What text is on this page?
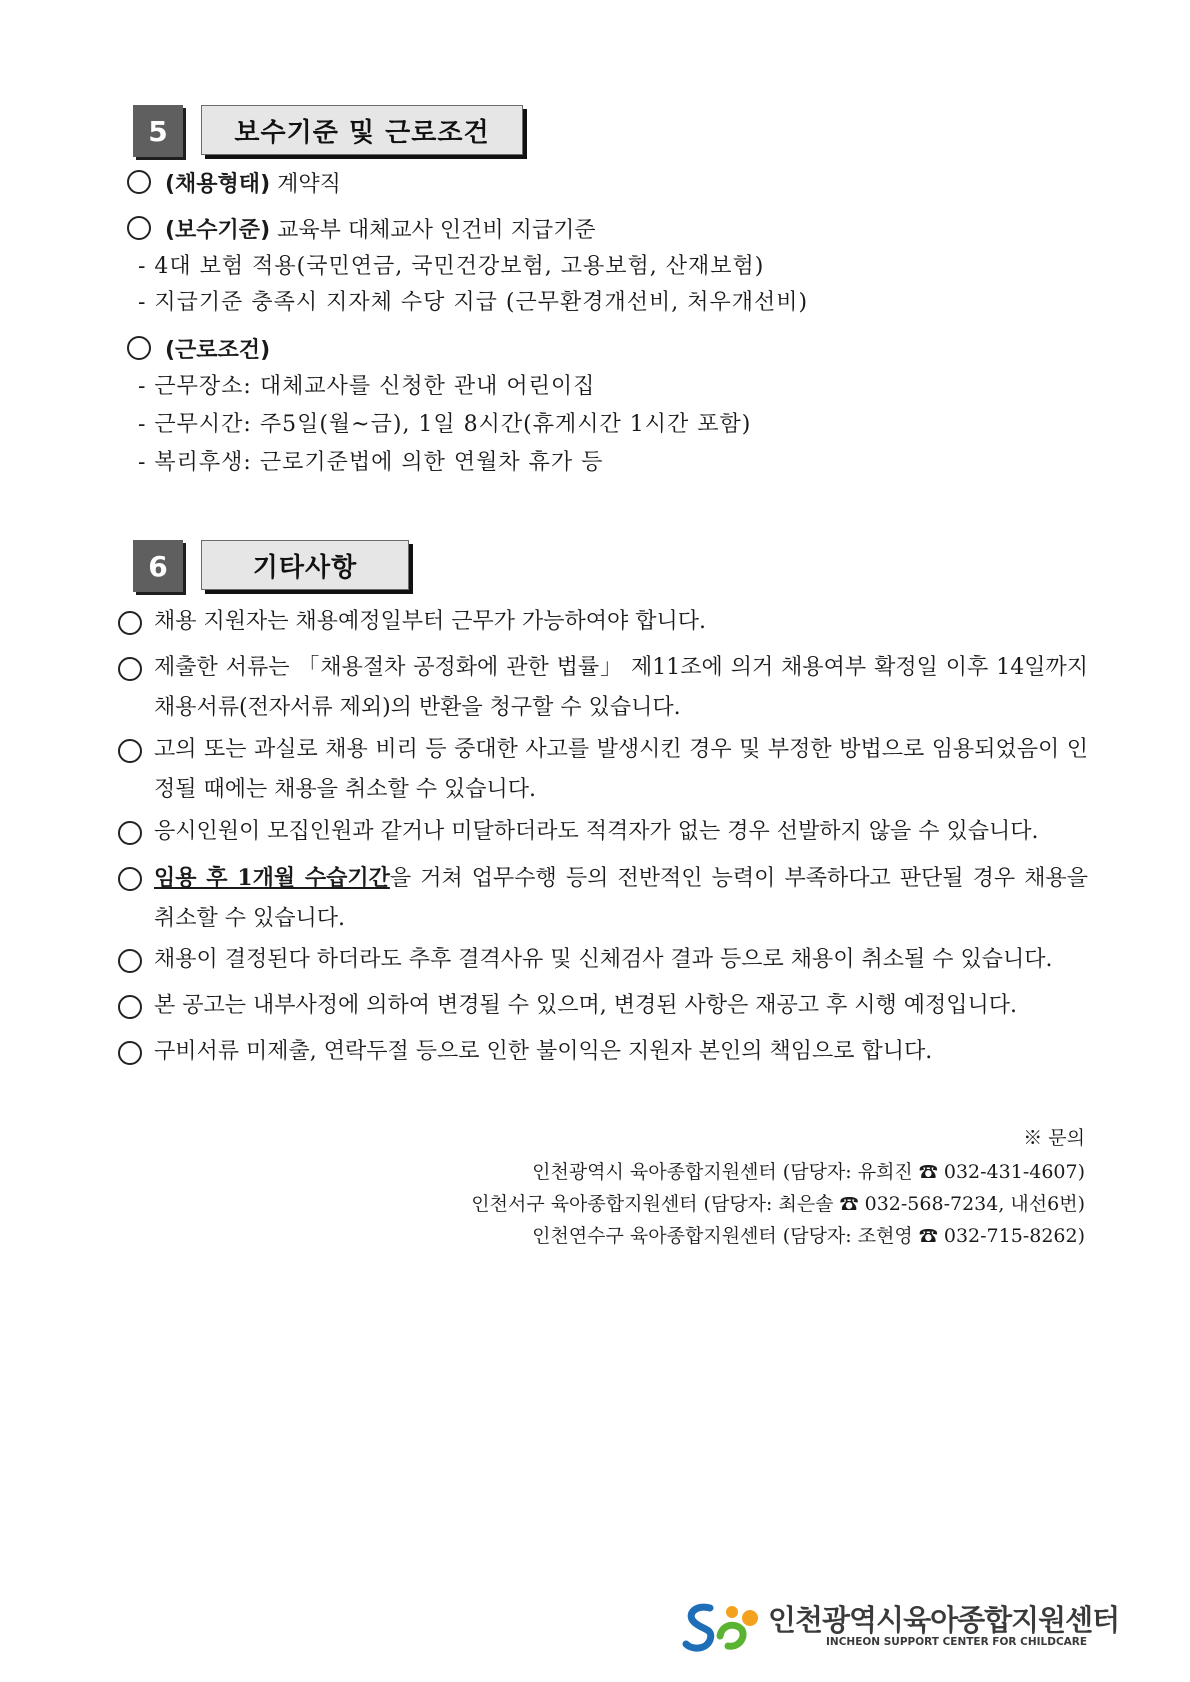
5	보수기준 및 근로조건
(채용형태) 계약직
(보수기준) 교육부 대체교사 인건비 지급기준
- 4대 보험 적용(국민연금, 국민건강보험, 고용보험, 산재보험)
- 지급기준 충족시 지자체 수당 지급 (근무환경개선비, 처우개선비)
(근로조건)
- 근무장소: 대체교사를 신청한 관내 어린이집
- 근무시간: 주5일(월~금), 1일 8시간(휴게시간 1시간 포함)
- 복리후생: 근로기준법에 의한 연월차 휴가 등
6	기타사항
채용 지원자는 채용예정일부터 근무가 가능하여야 합니다.
제출한 서류는 「채용절차 공정화에 관한 법률」 제11조에 의거 채용여부 확정일 이후 14일까지 채용서류(전자서류 제외)의 반환을 청구할 수 있습니다.
고의 또는 과실로 채용 비리 등 중대한 사고를 발생시킨 경우 및 부정한 방법으로 임용되었음이 인정될 때에는 채용을 취소할 수 있습니다.
응시인원이 모집인원과 같거나 미달하더라도 적격자가 없는 경우 선발하지 않을 수 있습니다.
임용 후 1개월 수습기간을 거쳐 업무수행 등의 전반적인 능력이 부족하다고 판단될 경우 채용을 취소할 수 있습니다.
채용이 결정된다 하더라도 추후 결격사유 및 신체검사 결과 등으로 채용이 취소될 수 있습니다.
본 공고는 내부사정에 의하여 변경될 수 있으며, 변경된 사항은 재공고 후 시행 예정입니다.
구비서류 미제출, 연락두절 등으로 인한 불이익은 지원자 본인의 책임으로 합니다.
※ 문의
인천광역시 육아종합지원센터 (담당자: 유희진 ☎ 032-431-4607)
인천서구 육아종합지원센터 (담당자: 최은솔 ☎ 032-568-7234, 내선6번)
인천연수구 육아종합지원센터 (담당자: 조현영 ☎ 032-715-8262)
인천광역시육아종합지원센터
INCHEON SUPPORT CENTER FOR CHILDCARE
